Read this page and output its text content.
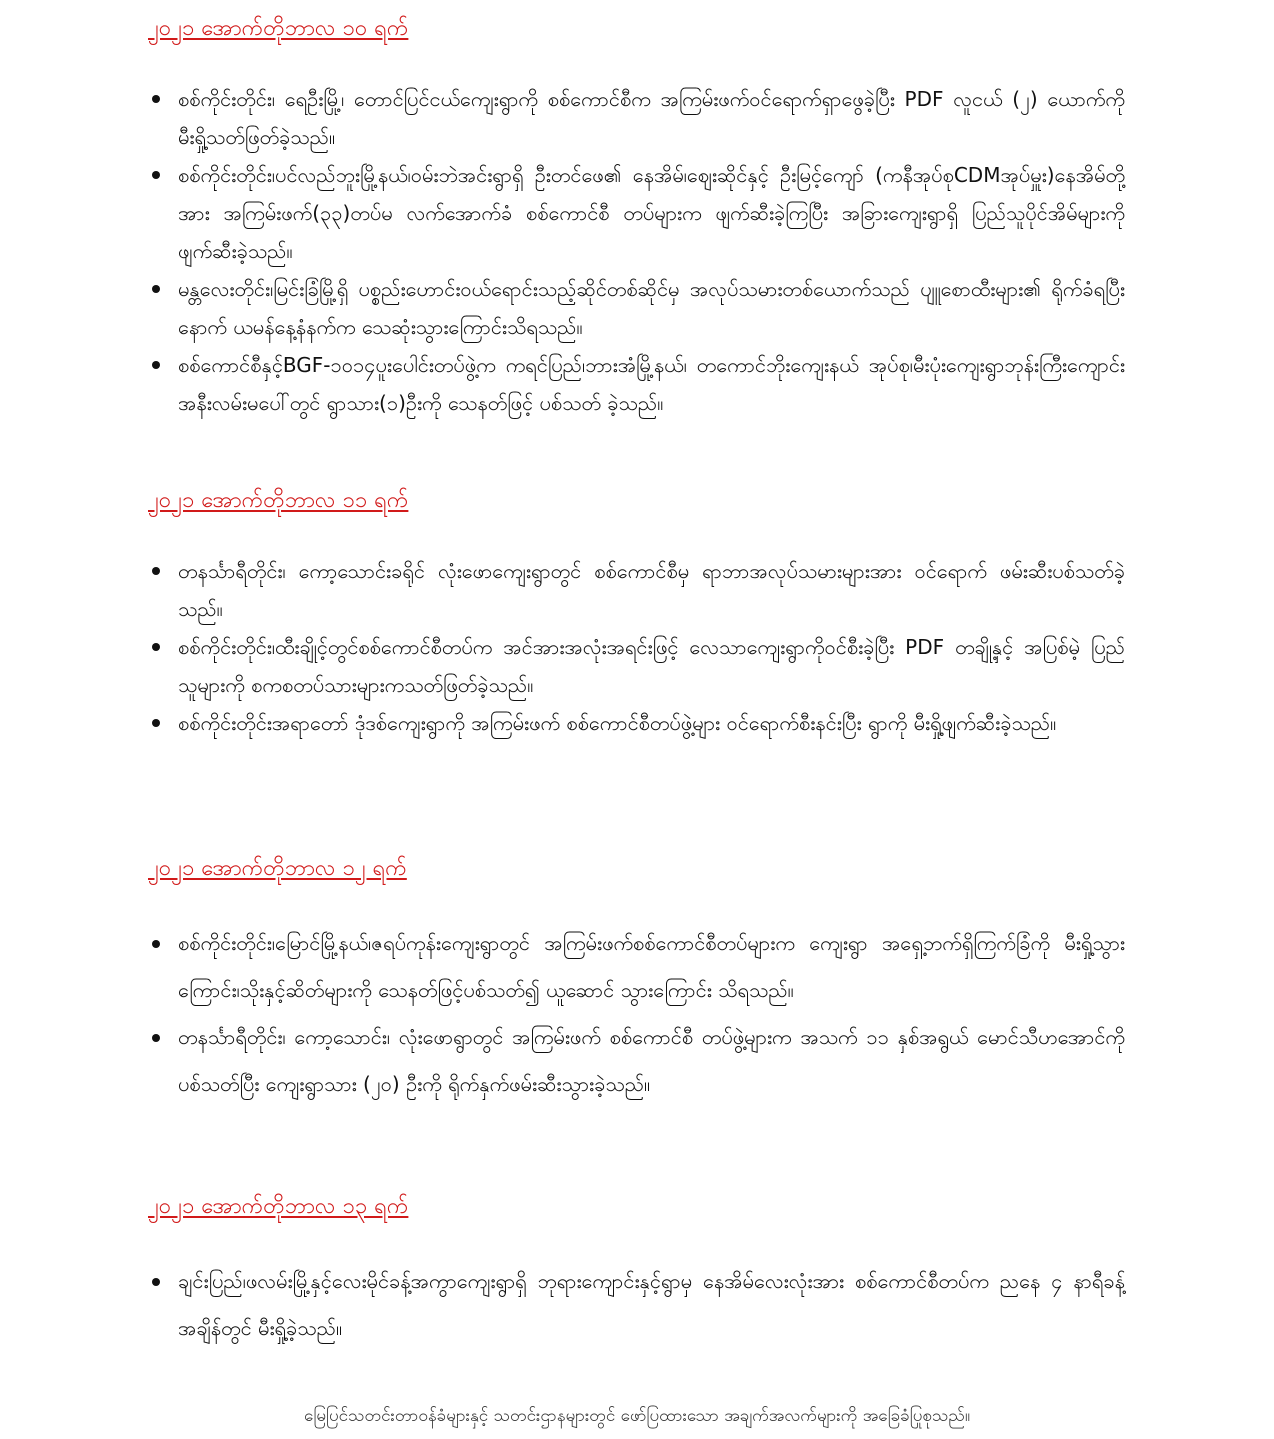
၂၀၂၁ အောက်တိုဘာလ ၁၀ ရက်
စစ်ကိုင်းတိုင်း၊ ရေဦးမြို့၊ တောင်ပြင်ငယ်ကျေးရွာကို စစ်ကောင်စီက အကြမ်းဖက်ဝင်ရောက်ရှာဖွေခဲ့ပြီး PDF လူငယ် (၂) ယောက်ကို မီးရှို့သတ်ဖြတ်ခဲ့သည်။
စစ်ကိုင်းတိုင်း၊ပင်လည်ဘူးမြို့နယ်၊ဝမ်းဘဲအင်းရွာရှိ ဦးတင်ဖေ၏ နေအိမ်၊ဈေးဆိုင်နှင့် ဦးမြင့်ကျော် (ကနီအုပ်စုCDMအုပ်မှူး)နေအိမ်တို့အား အကြမ်းဖက်(၃၃)တပ်မ လက်အောက်ခံ စစ်ကောင်စီ တပ်များက ဖျက်ဆီးခဲ့ကြပြီး အခြားကျေးရွာရှိ ပြည်သူပိုင်အိမ်များကို ဖျက်ဆီးခဲ့သည်။
မန္တလေးတိုင်း၊မြင်းခြံမြို့ရှိ ပစ္စည်းဟောင်းဝယ်ရောင်းသည့်ဆိုင်တစ်ဆိုင်မှ အလုပ်သမားတစ်ယောက်သည် ပျူစောထီးများ၏ ရိုက်ခံရပြီးနောက် ယမန်နေ့နံနက်က သေဆုံးသွားကြောင်းသိရသည်။
စစ်ကောင်စီနှင့်BGF-၁၀၁၄ပူးပေါင်းတပ်ဖွဲ့က ကရင်ပြည်၊ဘားအံမြို့နယ်၊ တကောင်ဘိုးကျေးနယ် အုပ်စု၊မီးပုံးကျေးရွာဘုန်းကြီးကျောင်းအနီးလမ်းမပေါ်တွင် ရွာသား(၁)ဦးကို သေနတ်ဖြင့် ပစ်သတ် ခဲ့သည်။
၂၀၂၁ အောက်တိုဘာလ ၁၁ ရက်
တနင်္သာရီတိုင်း၊ ကော့သောင်းခရိုင် လုံးဖောကျေးရွာတွင် စစ်ကောင်စီမှ ရာဘာအလုပ်သမားများအား ဝင်ရောက် ဖမ်းဆီးပစ်သတ်ခဲ့သည်။
စစ်ကိုင်းတိုင်း၊ထီးချိုင့်တွင်စစ်ကောင်စီတပ်က အင်အားအလုံးအရင်းဖြင့် လေသာကျေးရွာကိုဝင်စီးခဲ့ပြီး PDF တချို့နှင့် အပြစ်မဲ့ ပြည်သူများကို စကစတပ်သားများကသတ်ဖြတ်ခဲ့သည်။
စစ်ကိုင်းတိုင်းအရာတော် ဒုံဒစ်ကျေးရွာကို အကြမ်းဖက် စစ်ကောင်စီတပ်ဖွဲ့များ ဝင်ရောက်စီးနင်းပြီး ရွာကို မီးရှို့ဖျက်ဆီးခဲ့သည်။
၂၀၂၁ အောက်တိုဘာလ ၁၂ ရက်
စစ်ကိုင်းတိုင်း၊မြောင်မြို့နယ်၊ဇရပ်ကုန်းကျေးရွာတွင် အကြမ်းဖက်စစ်ကောင်စီတပ်များက ကျေးရွာ အရှေ့ဘက်ရှိကြက်ခြံကို မီးရှို့သွားကြောင်း၊သိုးနှင့်ဆိတ်များကို သေနတ်ဖြင့်ပစ်သတ်၍ ယူဆောင် သွားကြောင်း သိရသည်။
တနင်္သာရီတိုင်း၊ ကော့သောင်း၊ လုံးဖောရွာတွင် အကြမ်းဖက် စစ်ကောင်စီ တပ်ဖွဲ့များက အသက် ၁၁ နှစ်အရွယ် မောင်သီဟအောင်ကို ပစ်သတ်ပြီး ကျေးရွာသား (၂၀) ဦးကို ရိုက်နှက်ဖမ်းဆီးသွားခဲ့သည်။
၂၀၂၁ အောက်တိုဘာလ ၁၃ ရက်
ချင်းပြည်၊ဖလမ်းမြို့နှင့်လေးမိုင်ခန့်အကွာကျေးရွာရှိ ဘုရားကျောင်းနှင့်ရွာမှ နေအိမ်လေးလုံးအား စစ်ကောင်စီတပ်က ညနေ ၄ နာရီခန့်အချိန်တွင် မီးရှို့ခဲ့သည်။
မြေပြင်သတင်းတာဝန်ခံများနှင့် သတင်းဌာနများတွင် ဖော်ပြထားသော အချက်အလက်များကို အခြေခံပြုစုသည်။
